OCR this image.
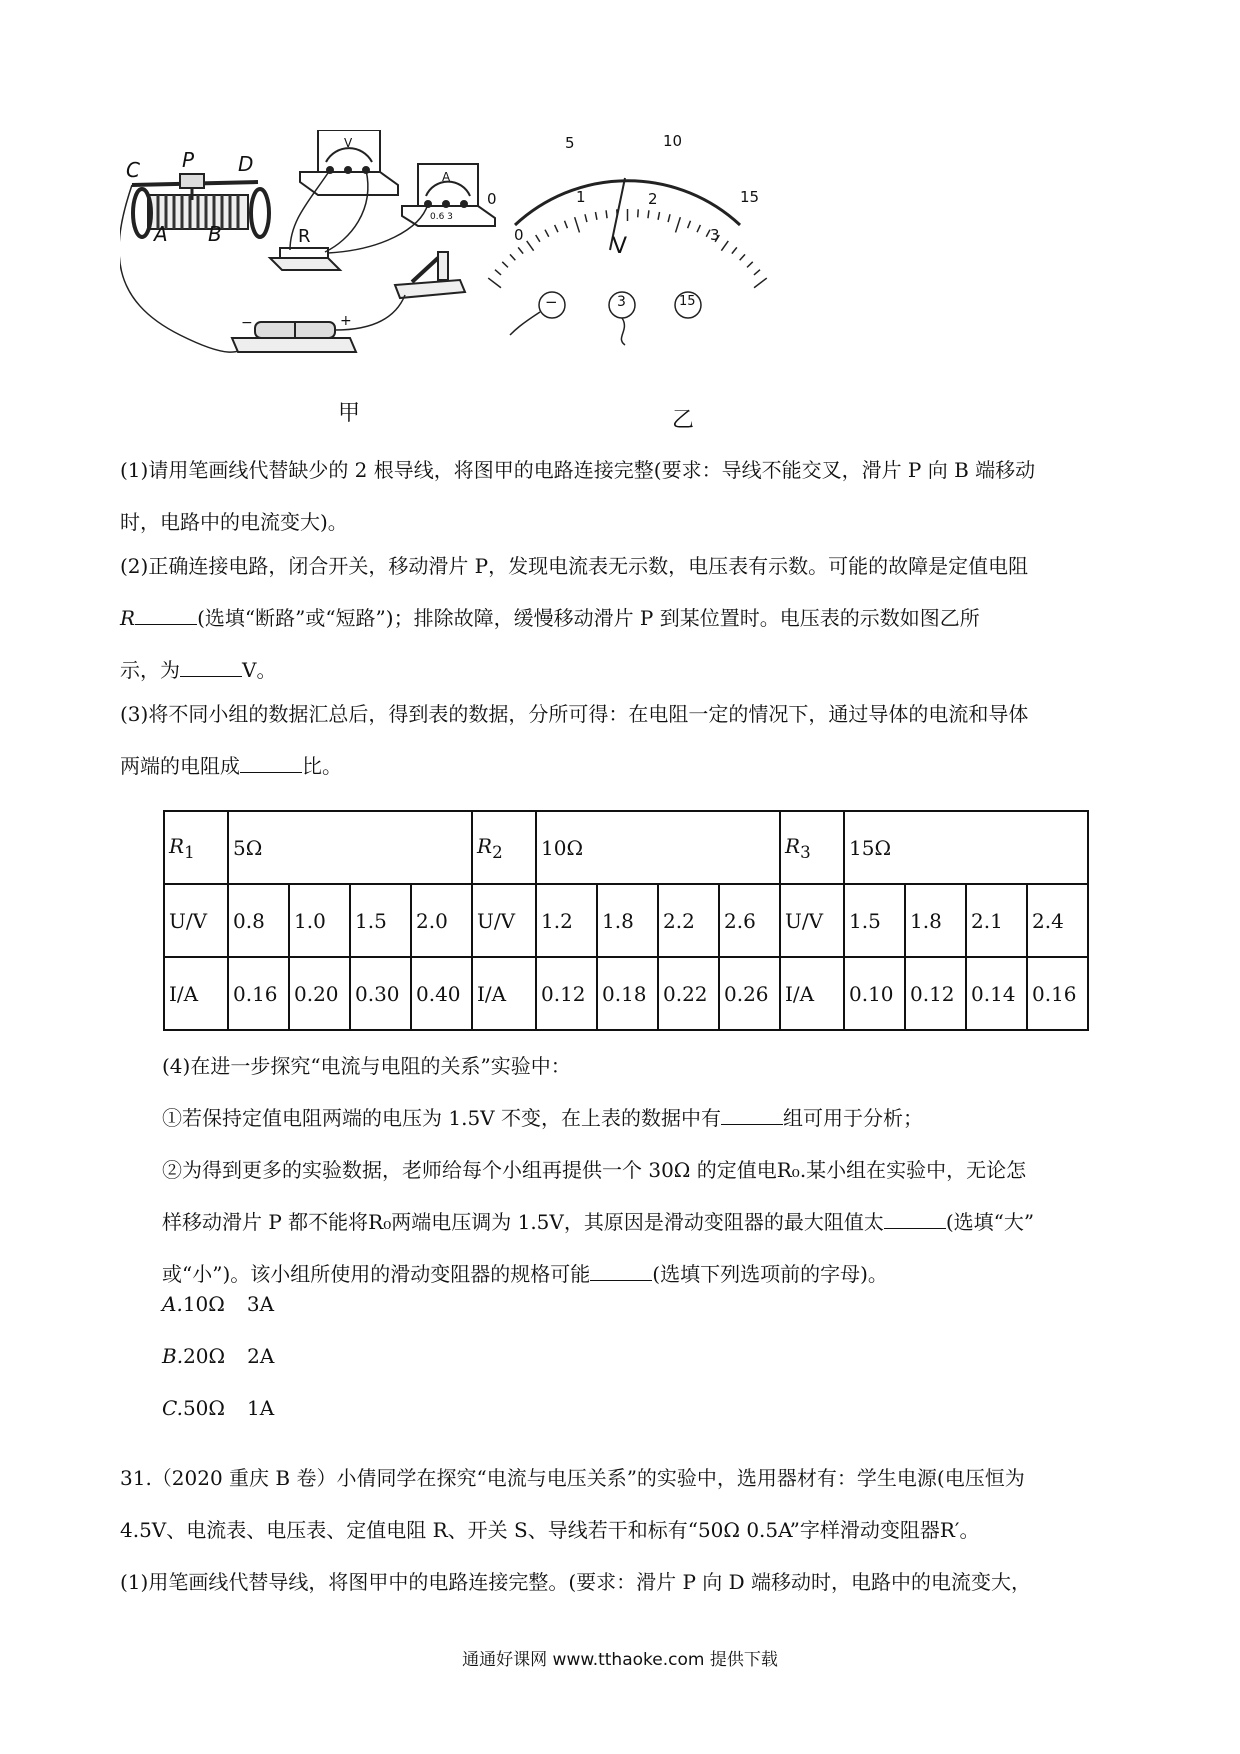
C P D
A B	R
V
A
0.6 3
−	+
0
5	10
15
0
1	2
3
V
−	3	15
甲	乙
(1)请用笔画线代替缺少的 2 根导线，将图甲的电路连接完整(要求：导线不能交叉，滑片 P 向 B 端移动
时，电路中的电流变大)。
(2)正确连接电路，闭合开关，移动滑片 P，发现电流表无示数，电压表有示数。可能的故障是定值电阻
R	(选填“断路”或“短路”)；排除故障，缓慢移动滑片 P 到某位置时。电压表的示数如图乙所
示，为	V。
(3)将不同小组的数据汇总后，得到表的数据，分所可得：在电阻一定的情况下，通过导体的电流和导体
两端的电阻成	比。
$R_1$	5Ω				$R_2$	10Ω				$R_3$	15Ω			
U/V	0.8	1.0	1.5	2.0	U/V	1.2	1.8	2.2	2.6	U/V	1.5	1.8	2.1	2.4
I/A	0.16	0.20	0.30	0.40	I/A	0.12	0.18	0.22	0.26	I/A	0.10	0.12	0.14	0.16
(4)在进一步探究“电流与电阻的关系”实验中：
①若保持定值电阻两端的电压为 1.5V 不变，在上表的数据中有	组可用于分析；
②为得到更多的实验数据，老师给每个小组再提供一个 30Ω 的定值电R₀.某小组在实验中，无论怎
样移动滑片 P 都不能将R₀两端电压调为 1.5V，其原因是滑动变阻器的最大阻值太	(选填“大”
或“小”)。该小组所使用的滑动变阻器的规格可能	(选填下列选项前的字母)。
A.10Ω 3A
B.20Ω 2A
C.50Ω 1A
31.（2020 重庆 B 卷）小倩同学在探究“电流与电压关系”的实验中，选用器材有：学生电源(电压恒为
4.5V、电流表、电压表、定值电阻 R、开关 S、导线若干和标有“50Ω 0.5A”字样滑动变阻器R′。
(1)用笔画线代替导线，将图甲中的电路连接完整。(要求：滑片 P 向 D 端移动时，电路中的电流变大，
通通好课网 www.tthaoke.com 提供下载
